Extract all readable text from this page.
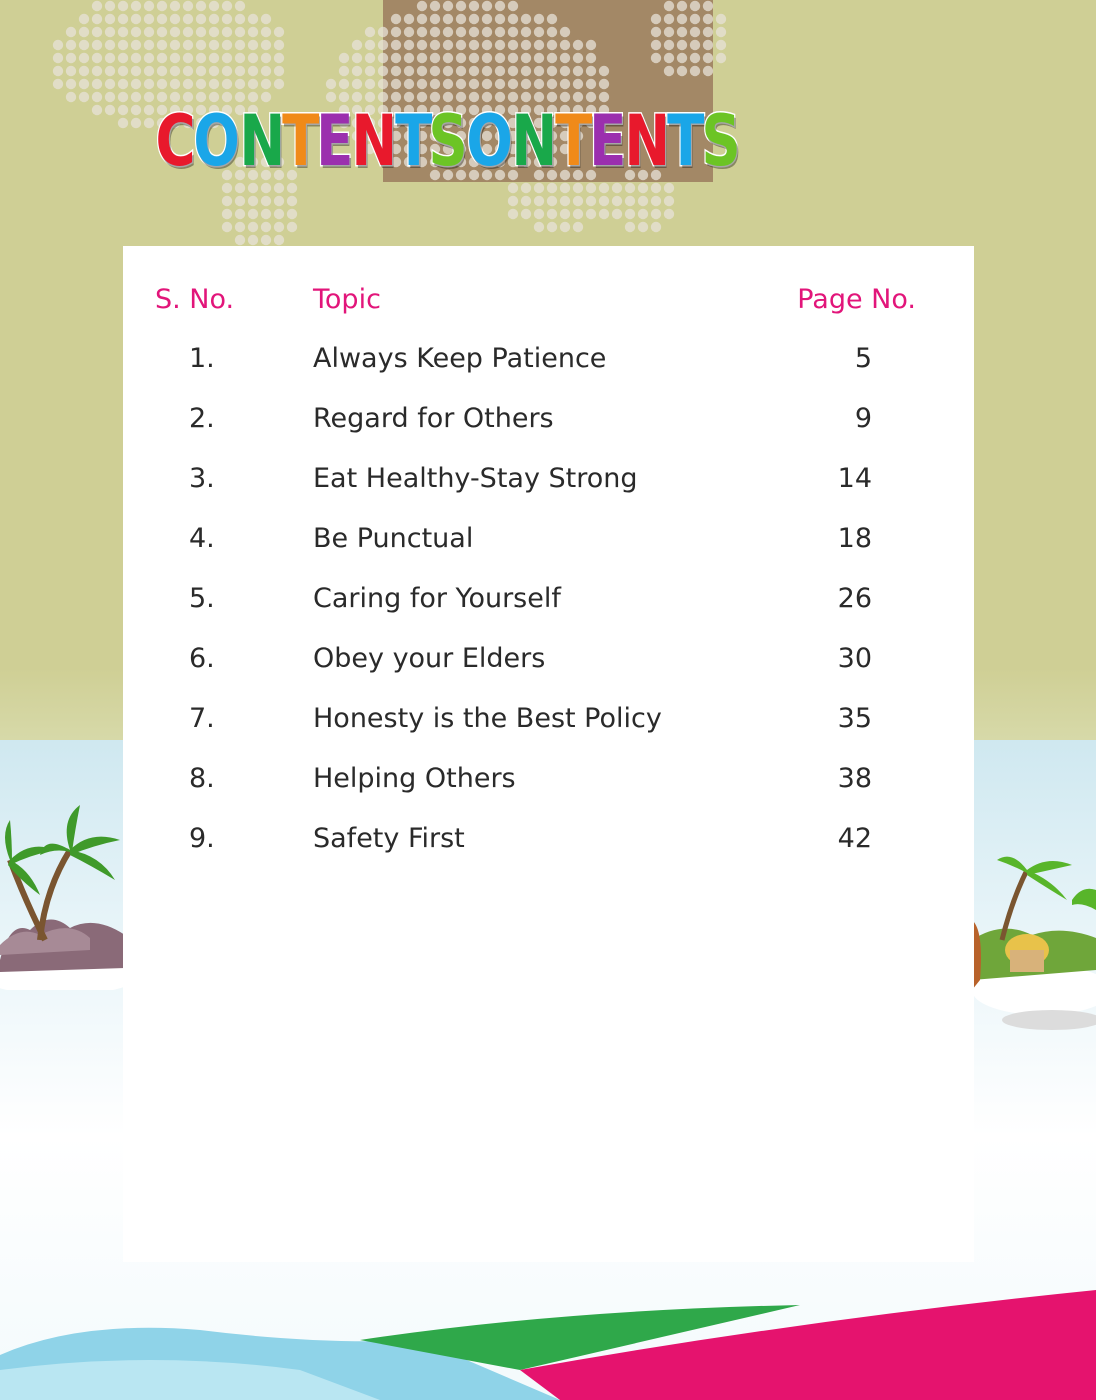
C
O N
T
E
N
T
S
O N
T
E
N
T
S
S. No.	Topic	Page No.
1.	Always Keep Patience	5
2.	Regard for Others	9
3.	Eat Healthy-Stay Strong	14
4.	Be Punctual	18
5.	Caring for Yourself	26
6.	Obey your Elders	30
7.	Honesty is the Best Policy	35
8.	Helping Others	38
9.	Safety First	42
